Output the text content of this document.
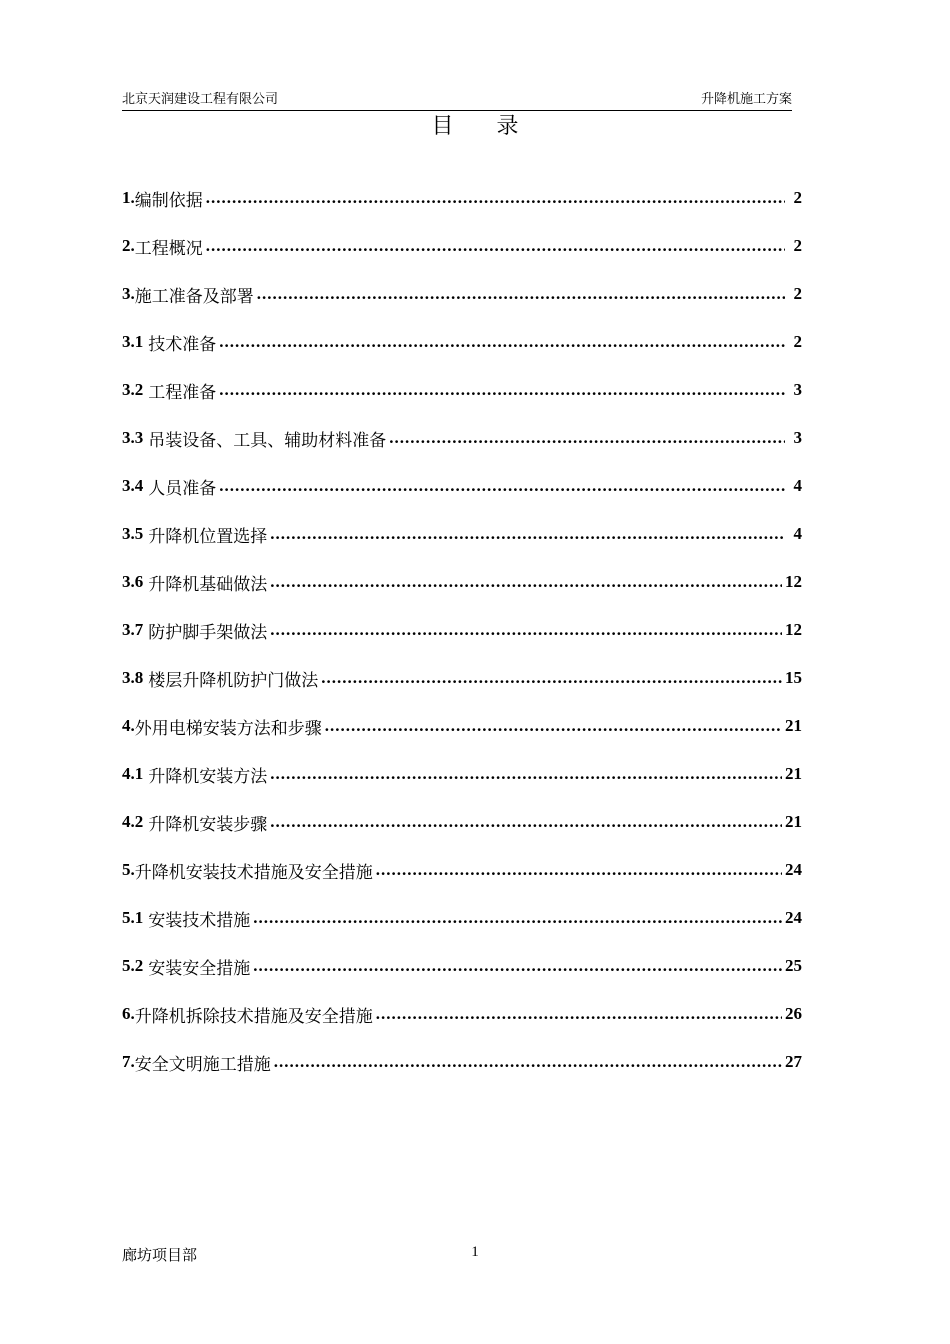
北京天润建设工程有限公司	升降机施工方案
目 录
1. 编制依据 .....	2
2. 工程概况 .....	2
3. 施工准备及部署 .....	2
3.1 技术准备 .....	2
3.2 工程准备 .....	3
3.3 吊装设备、工具、辅助材料准备 .....	3
3.4 人员准备 .....	4
3.5 升降机位置选择 .....	4
3.6 升降机基础做法 .....	12
3.7 防护脚手架做法 .....	12
3.8 楼层升降机防护门做法 .....	15
4. 外用电梯安装方法和步骤 .....	21
4.1 升降机安装方法 .....	21
4.2 升降机安装步骤 .....	21
5. 升降机安装技术措施及安全措施 .....	24
5.1 安装技术措施 .....	24
5.2 安装安全措施 .....	25
6. 升降机拆除技术措施及安全措施 .....	26
7. 安全文明施工措施 .....	27
廊坊项目部	1
